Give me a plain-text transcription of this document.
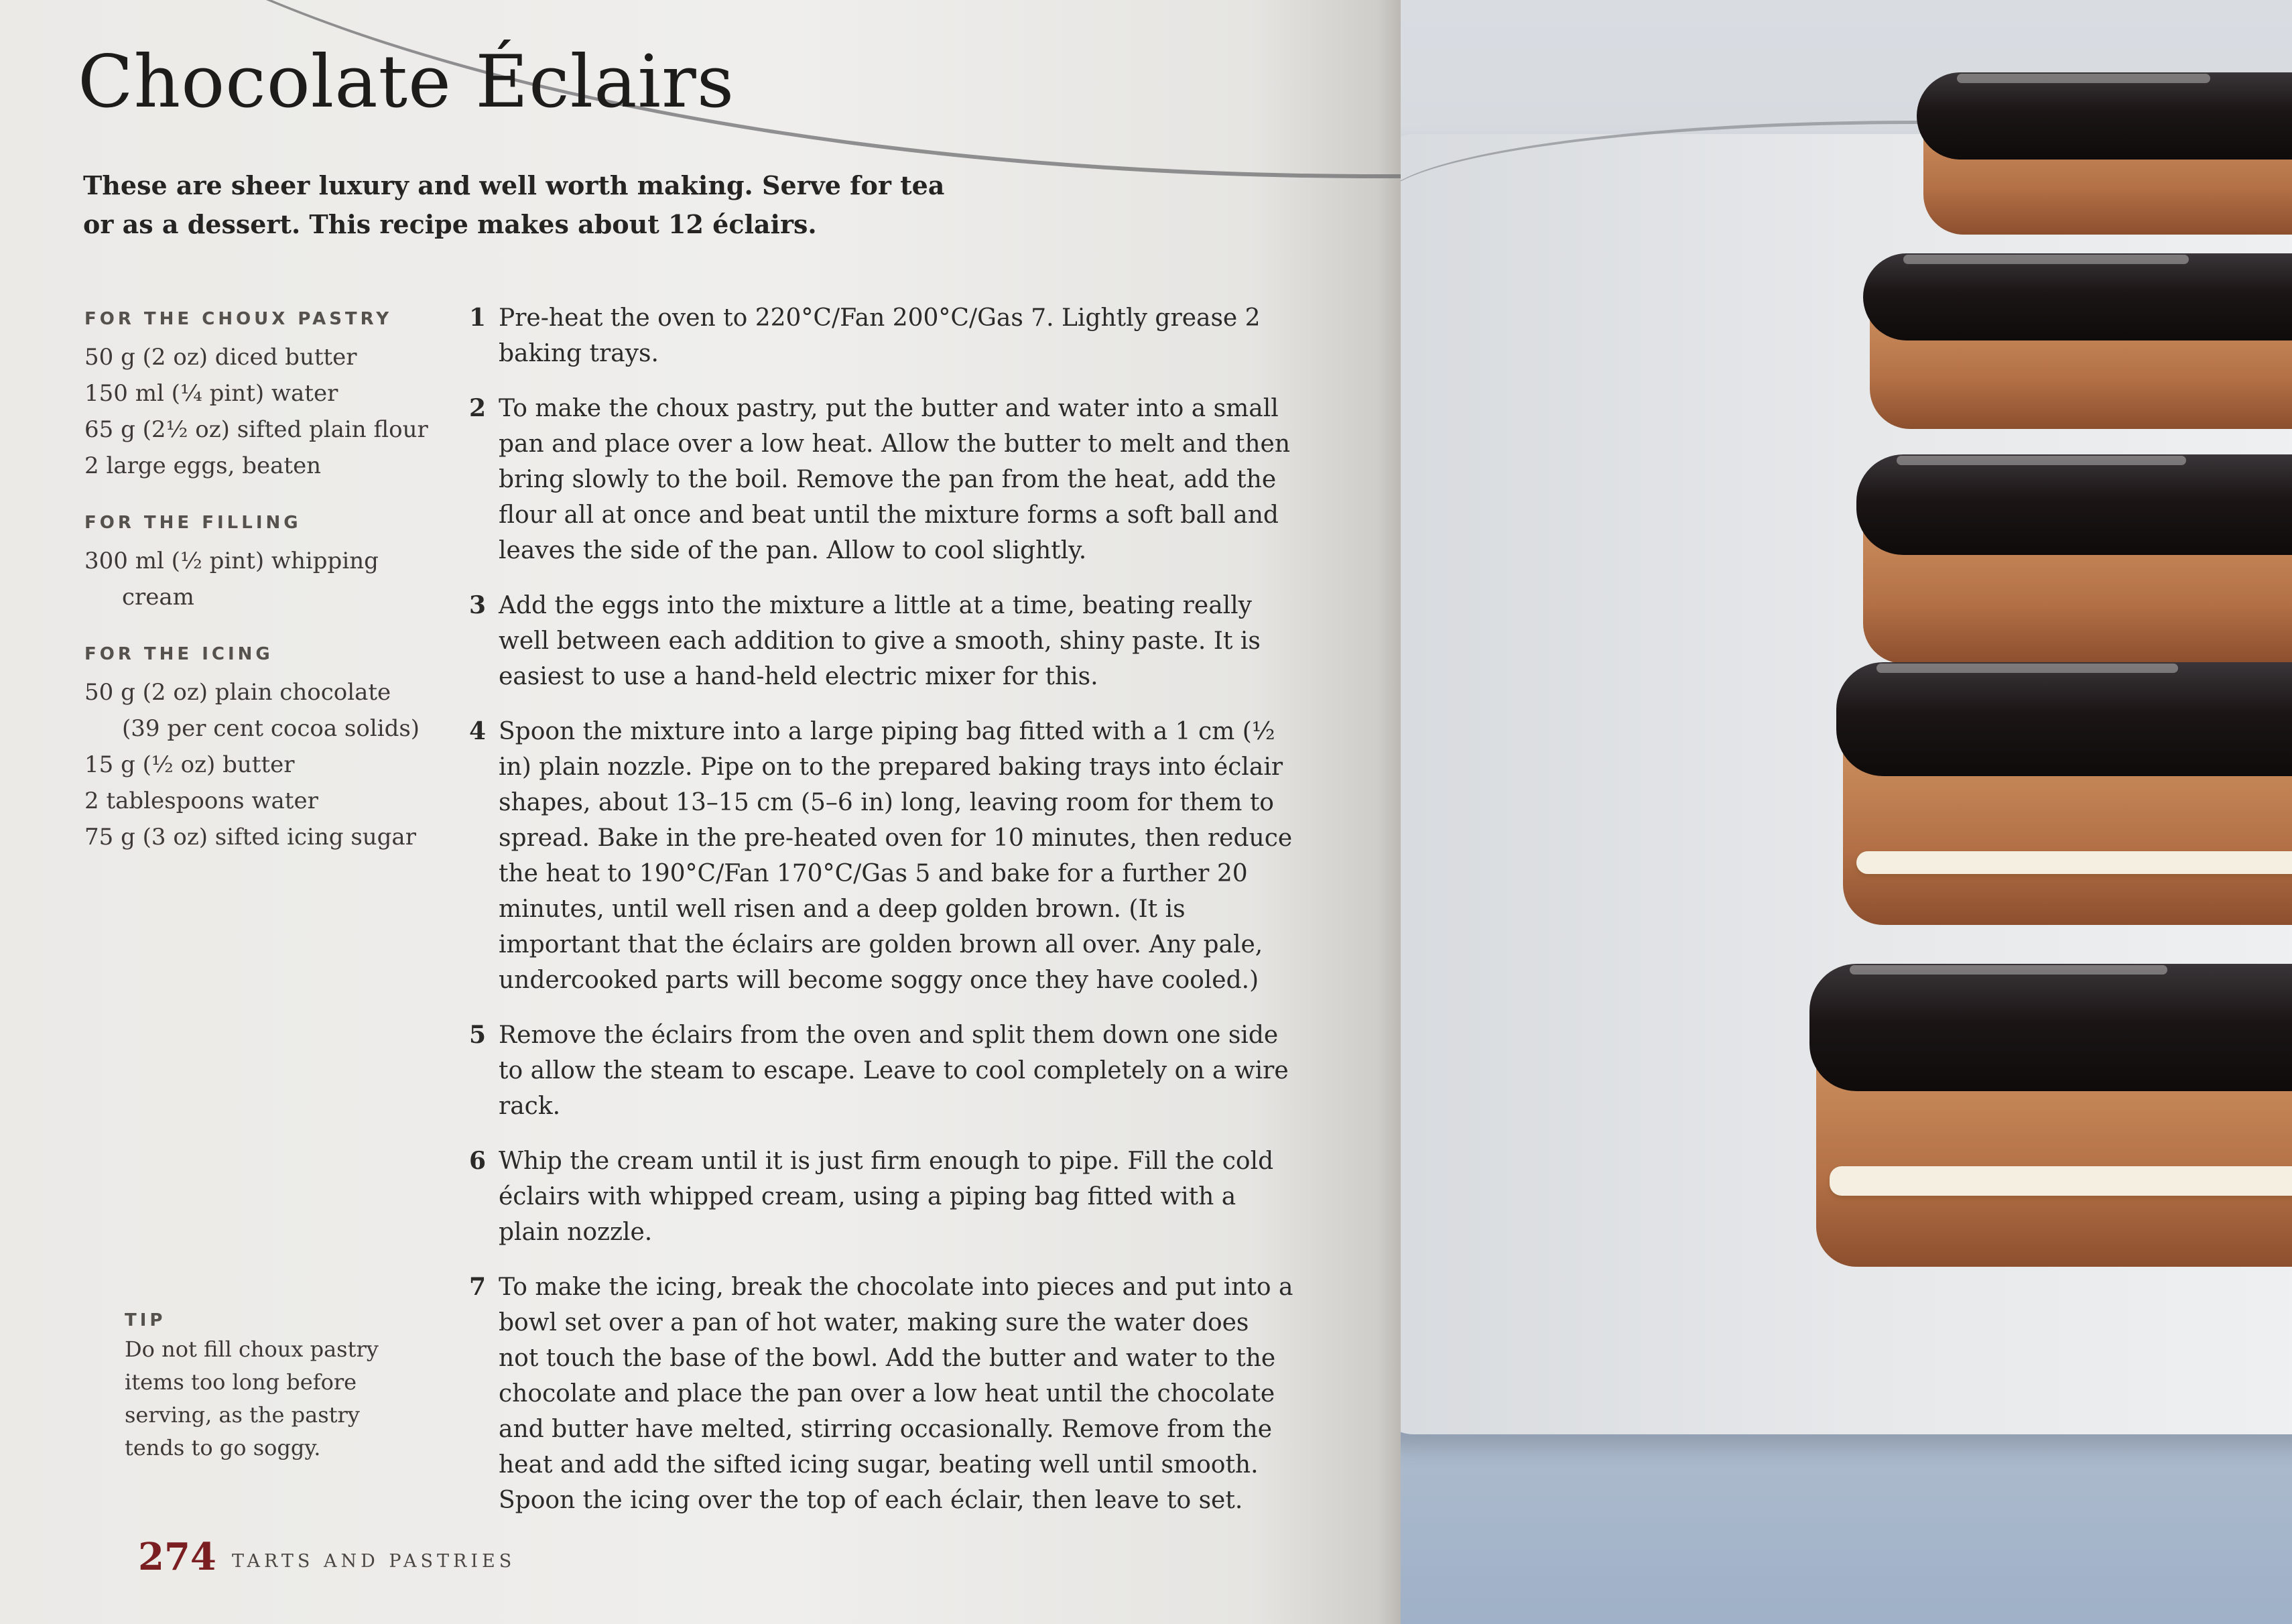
Chocolate Éclairs

These are sheer luxury and well worth making. Serve for tea
or as a dessert. This recipe makes about 12 éclairs.

FOR THE CHOUX PASTRY
50 g (2 oz) diced butter
150 ml (¼ pint) water
65 g (2½ oz) sifted plain flour
2 large eggs, beaten
FOR THE FILLING
300 ml (½ pint) whipping
cream
FOR THE ICING
50 g (2 oz) plain chocolate
(39 per cent cocoa solids)
15 g (½ oz) butter
2 tablespoons water
75 g (3 oz) sifted icing sugar
1 Pre-heat the oven to 220°C/Fan 200°C/Gas 7. Lightly grease 2 baking trays.
2 To make the choux pastry, put the butter and water into a small pan and place over a low heat. Allow the butter to melt and then bring slowly to the boil. Remove the pan from the heat, add the flour all at once and beat until the mixture forms a soft ball and leaves the side of the pan. Allow to cool slightly.
3 Add the eggs into the mixture a little at a time, beating really well between each addition to give a smooth, shiny paste. It is easiest to use a hand-held electric mixer for this.
4 Spoon the mixture into a large piping bag fitted with a 1 cm (½ in) plain nozzle. Pipe on to the prepared baking trays into éclair shapes, about 13–15 cm (5–6 in) long, leaving room for them to spread. Bake in the pre-heated oven for 10 minutes, then reduce the heat to 190°C/Fan 170°C/Gas 5 and bake for a further 20 minutes, until well risen and a deep golden brown. (It is important that the éclairs are golden brown all over. Any pale, undercooked parts will become soggy once they have cooled.)
5 Remove the éclairs from the oven and split them down one side to allow the steam to escape. Leave to cool completely on a wire rack.
6 Whip the cream until it is just firm enough to pipe. Fill the cold éclairs with whipped cream, using a piping bag fitted with a plain nozzle.
7 To make the icing, break the chocolate into pieces and put into a bowl set over a pan of hot water, making sure the water does not touch the base of the bowl. Add the butter and water to the chocolate and place the pan over a low heat until the chocolate and butter have melted, stirring occasionally. Remove from the heat and add the sifted icing sugar, beating well until smooth. Spoon the icing over the top of each éclair, then leave to set.
TIP

Do not fill choux pastry items too long before serving, as the pastry tends to go soggy.

274 TARTS AND PASTRIES
